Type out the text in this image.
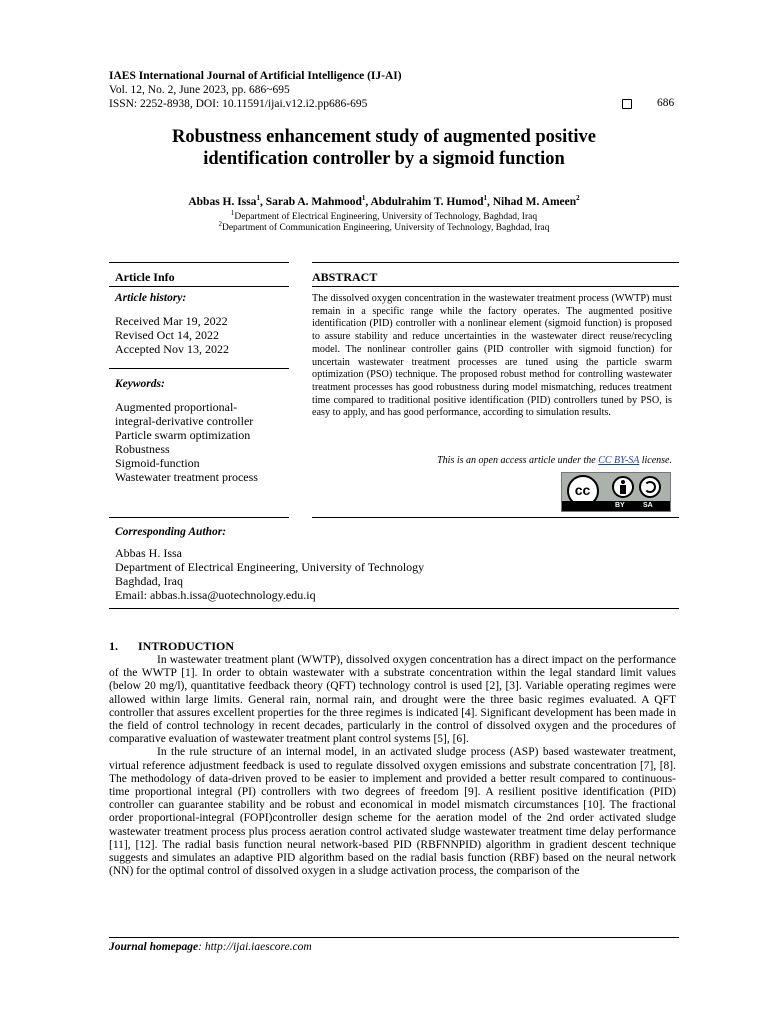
IAES International Journal of Artificial Intelligence (IJ-AI)
Vol. 12, No. 2, June 2023, pp. 686~695
ISSN: 2252-8938, DOI: 10.11591/ijai.v12.i2.pp686-695	686
Robustness enhancement study of augmented positive
identification controller by a sigmoid function
Abbas H. Issa$^1$, Sarab A. Mahmood$^1$, Abdulrahim T. Humod$^1$, Nihad M. Ameen$^2$
$^1$Department of Electrical Engineering, University of Technology, Baghdad, Iraq
$^2$Department of Communication Engineering, University of Technology, Baghdad, Iraq
Article Info
Article history:
Received Mar 19, 2022
Revised Oct 14, 2022
Accepted Nov 13, 2022
Keywords:
Augmented proportional-
integral-derivative controller
Particle swarm optimization
Robustness
Sigmoid-function
Wastewater treatment process
ABSTRACT
The dissolved oxygen concentration in the wastewater treatment process (WWTP) must remain in a specific range while the factory operates. The augmented positive identification (PID) controller with a nonlinear element (sigmoid function) is proposed to assure stability and reduce uncertainties in the wastewater direct reuse/recycling model. The nonlinear controller gains (PID controller with sigmoid function) for uncertain wastewater treatment processes are tuned using the particle swarm optimization (PSO) technique. The proposed robust method for controlling wastewater treatment processes has good robustness during model mismatching, reduces treatment time compared to traditional positive identification (PID) controllers tuned by PSO, is easy to apply, and has good performance, according to simulation results.
This is an open access article under the CC BY-SA license.
cc
BY	SA
Corresponding Author:
Abbas H. Issa
Department of Electrical Engineering, University of Technology
Baghdad, Iraq
Email: abbas.h.issa@uotechnology.edu.iq
1. INTRODUCTION

In wastewater treatment plant (WWTP), dissolved oxygen concentration has a direct impact on the performance of the WWTP [1]. In order to obtain wastewater with a substrate concentration within the legal standard limit values (below 20 mg/l), quantitative feedback theory (QFT) technology control is used [2], [3]. Variable operating regimes were allowed within large limits. General rain, normal rain, and drought were the three basic regimes evaluated. A QFT controller that assures excellent properties for the three regimes is indicated [4]. Significant development has been made in the field of control technology in recent decades, particularly in the control of dissolved oxygen and the procedures of comparative evaluation of wastewater treatment plant control systems [5], [6].

In the rule structure of an internal model, in an activated sludge process (ASP) based wastewater treatment, virtual reference adjustment feedback is used to regulate dissolved oxygen emissions and substrate concentration [7], [8]. The methodology of data-driven proved to be easier to implement and provided a better result compared to continuous-time proportional integral (PI) controllers with two degrees of freedom [9]. A resilient positive identification (PID) controller can guarantee stability and be robust and economical in model mismatch circumstances [10]. The fractional order proportional-integral (FOPI)controller design scheme for the aeration model of the 2nd order activated sludge wastewater treatment process plus process aeration control activated sludge wastewater treatment time delay performance [11], [12]. The radial basis function neural network-based PID (RBFNNPID) algorithm in gradient descent technique suggests and simulates an adaptive PID algorithm based on the radial basis function (RBF) based on the neural network (NN) for the optimal control of dissolved oxygen in a sludge activation process, the comparison of the

Journal homepage: http://ijai.iaescore.com
